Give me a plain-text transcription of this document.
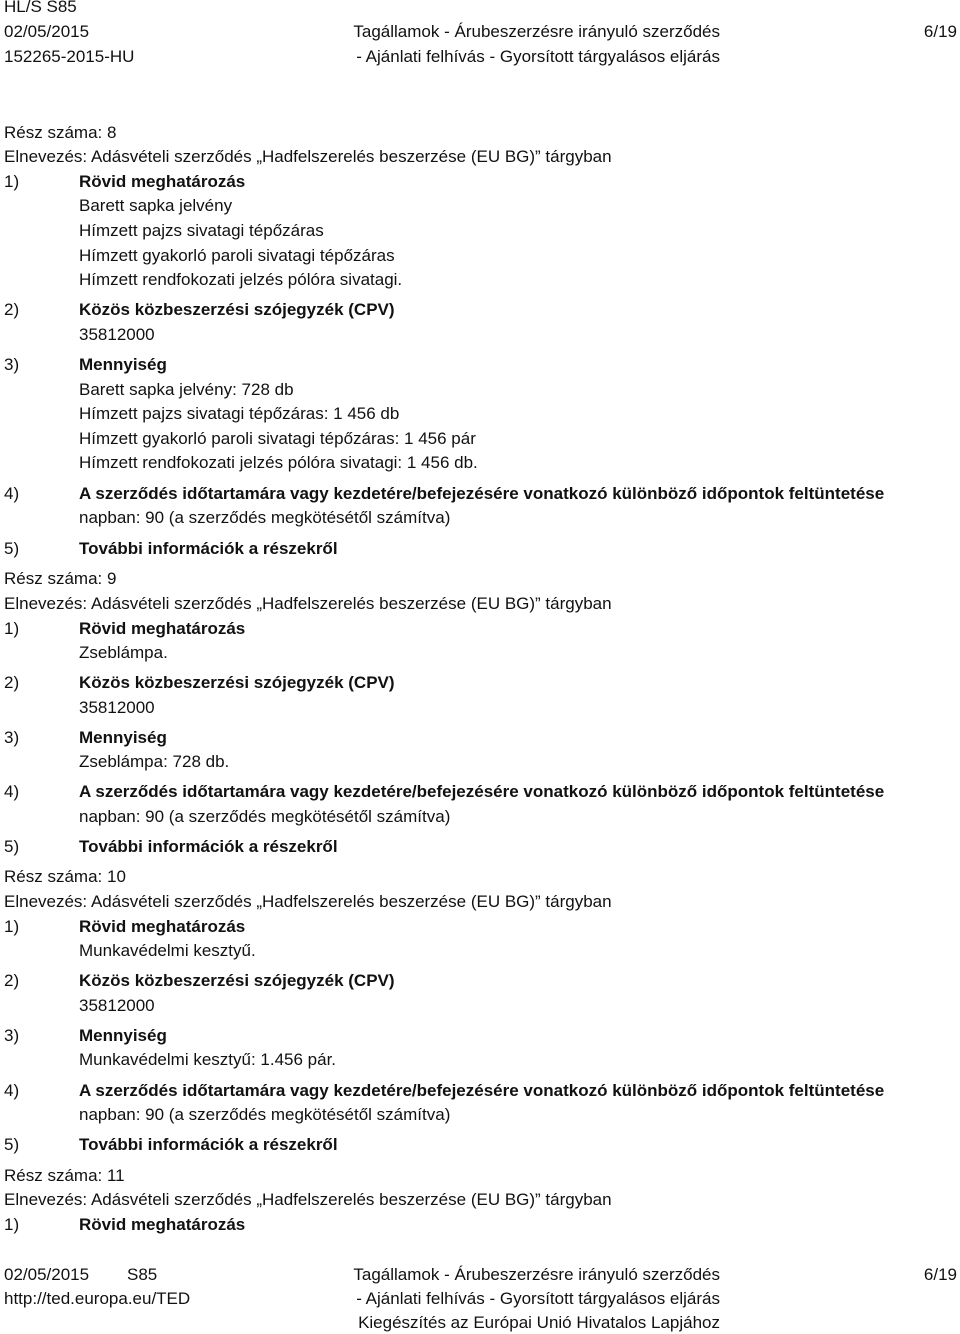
HL/S S85
02/05/2015
152265-2015-HU
Tagállamok - Árubeszerzésre irányuló szerződés
- Ajánlati felhívás - Gyorsított tárgyalásos eljárás
6/19
Rész száma: 8
Elnevezés: Adásvételi szerződés „Hadfelszerelés beszerzése (EU BG)” tárgyban
1)	Rövid meghatározás
Barett sapka jelvény
Hímzett pajzs sivatagi tépőzáras
Hímzett gyakorló paroli sivatagi tépőzáras
Hímzett rendfokozati jelzés pólóra sivatagi.
2)	Közös közbeszerzési szójegyzék (CPV)
35812000
3)	Mennyiség
Barett sapka jelvény: 728 db
Hímzett pajzs sivatagi tépőzáras: 1 456 db
Hímzett gyakorló paroli sivatagi tépőzáras: 1 456 pár
Hímzett rendfokozati jelzés pólóra sivatagi: 1 456 db.
4)	A szerződés időtartamára vagy kezdetére/befejezésére vonatkozó különböző időpontok feltüntetése
napban: 90 (a szerződés megkötésétől számítva)
5)	További információk a részekről
Rész száma: 9
Elnevezés: Adásvételi szerződés „Hadfelszerelés beszerzése (EU BG)” tárgyban
1)	Rövid meghatározás
Zseblámpa.
2)	Közös közbeszerzési szójegyzék (CPV)
35812000
3)	Mennyiség
Zseblámpa: 728 db.
4)	A szerződés időtartamára vagy kezdetére/befejezésére vonatkozó különböző időpontok feltüntetése
napban: 90 (a szerződés megkötésétől számítva)
5)	További információk a részekről
Rész száma: 10
Elnevezés: Adásvételi szerződés „Hadfelszerelés beszerzése (EU BG)” tárgyban
1)	Rövid meghatározás
Munkavédelmi kesztyű.
2)	Közös közbeszerzési szójegyzék (CPV)
35812000
3)	Mennyiség
Munkavédelmi kesztyű: 1.456 pár.
4)	A szerződés időtartamára vagy kezdetére/befejezésére vonatkozó különböző időpontok feltüntetése
napban: 90 (a szerződés megkötésétől számítva)
5)	További információk a részekről
Rész száma: 11
Elnevezés: Adásvételi szerződés „Hadfelszerelés beszerzése (EU BG)” tárgyban
1)	Rövid meghatározás
02/05/2015 S85
http://ted.europa.eu/TED
Tagállamok - Árubeszerzésre irányuló szerződés
- Ajánlati felhívás - Gyorsított tárgyalásos eljárás
Kiegészítés az Európai Unió Hivatalos Lapjához
6/19
